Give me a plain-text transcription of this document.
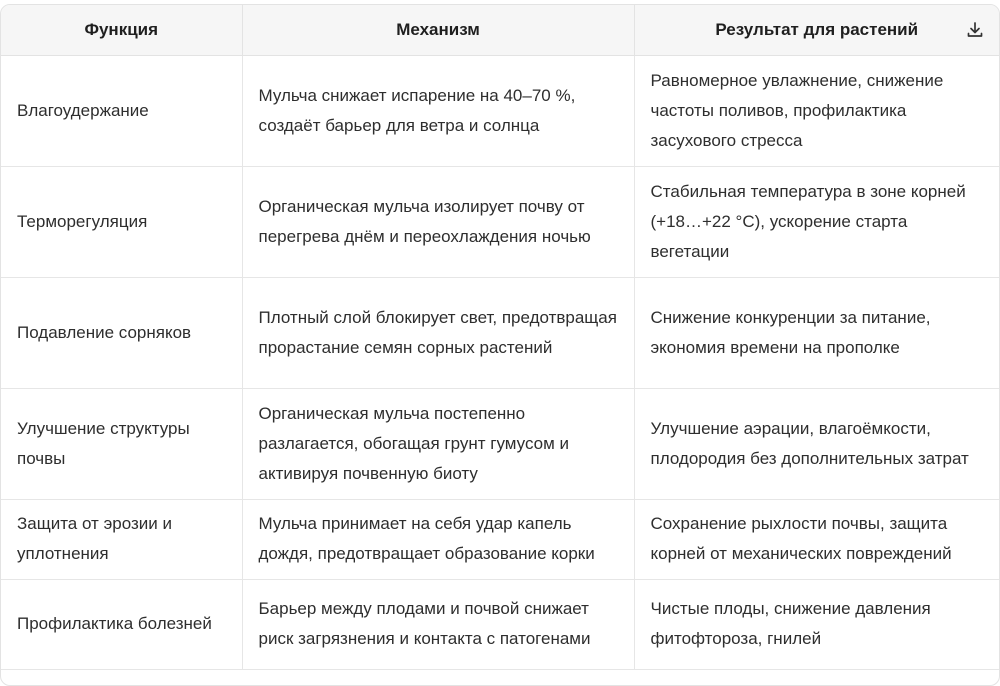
Функция	Механизм	Результат для растений

Влагоудержание	Мульча снижает испарение на 40–70 %, создаёт барьер для ветра и солнца	Равномерное увлажнение, снижение частоты поливов, профилактика засухового стресса
Терморегуляция	Органическая мульча изолирует почву от перегрева днём и переохлаждения ночью	Стабильная температура в зоне корней (+18…+22 °C), ускорение старта вегетации
Подавление сорняков	Плотный слой блокирует свет, предотвращая прорастание семян сорных растений	Снижение конкуренции за питание, экономия времени на прополке
Улучшение структуры почвы	Органическая мульча постепенно разлагается, обогащая грунт гумусом и активируя почвенную биоту	Улучшение аэрации, влагоёмкости, плодородия без дополнительных затрат
Защита от эрозии и уплотнения	Мульча принимает на себя удар капель дождя, предотвращает образование корки	Сохранение рыхлости почвы, защита корней от механических повреждений
Профилактика болезней	Барьер между плодами и почвой снижает риск загрязнения и контакта с патогенами	Чистые плоды, снижение давления фитофтороза, гнилей
